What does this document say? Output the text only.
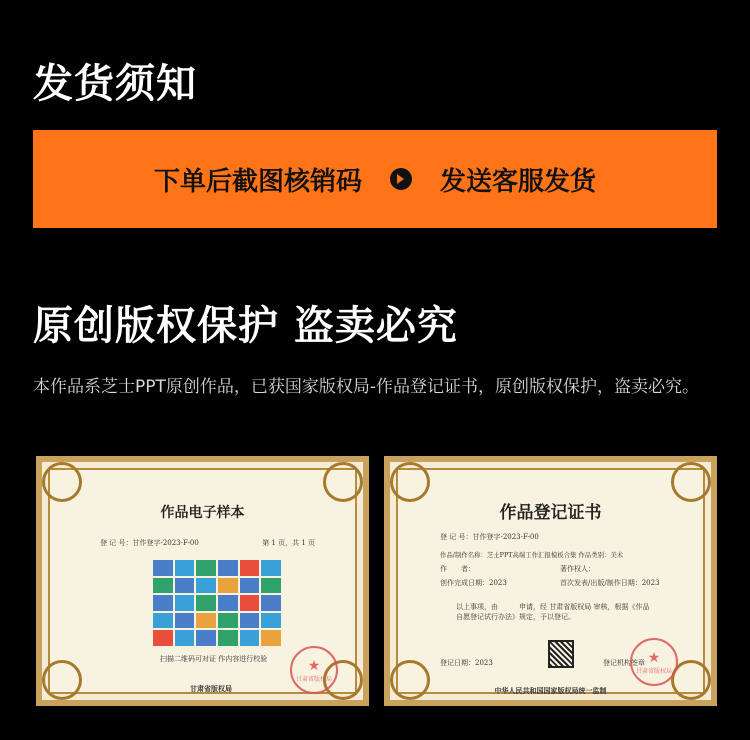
发货须知
下单后截图核销码	发送客服发货
原创版权保护 盗卖必究
本作品系芝士PPT原创作品，已获国家版权局-作品登记证书，原创版权保护，盗卖必究。
作品电子样本
登 记 号：甘作登字-2023-F-00	第 1 页，共 1 页
扫描二维码可对证 作内容进行校验	★
甘肃省版权局
甘肃省版权局
作品登记证书
登 记 号：甘作登字-2023-F-00
作品/制作名称：芝士PPT高端工作汇报模板合集 作品类别：美术
作　　者：	著作权人：
创作完成日期：2023	首次发表/出版/制作日期：2023
以上事项，由　　　申请，经 甘肃省版权局 审核，根据《作品自愿登记试行办法》规定，予以登记。
登记日期：2023	登记机构签章 ★
甘肃省版权局
中华人民共和国国家版权局统一监制
